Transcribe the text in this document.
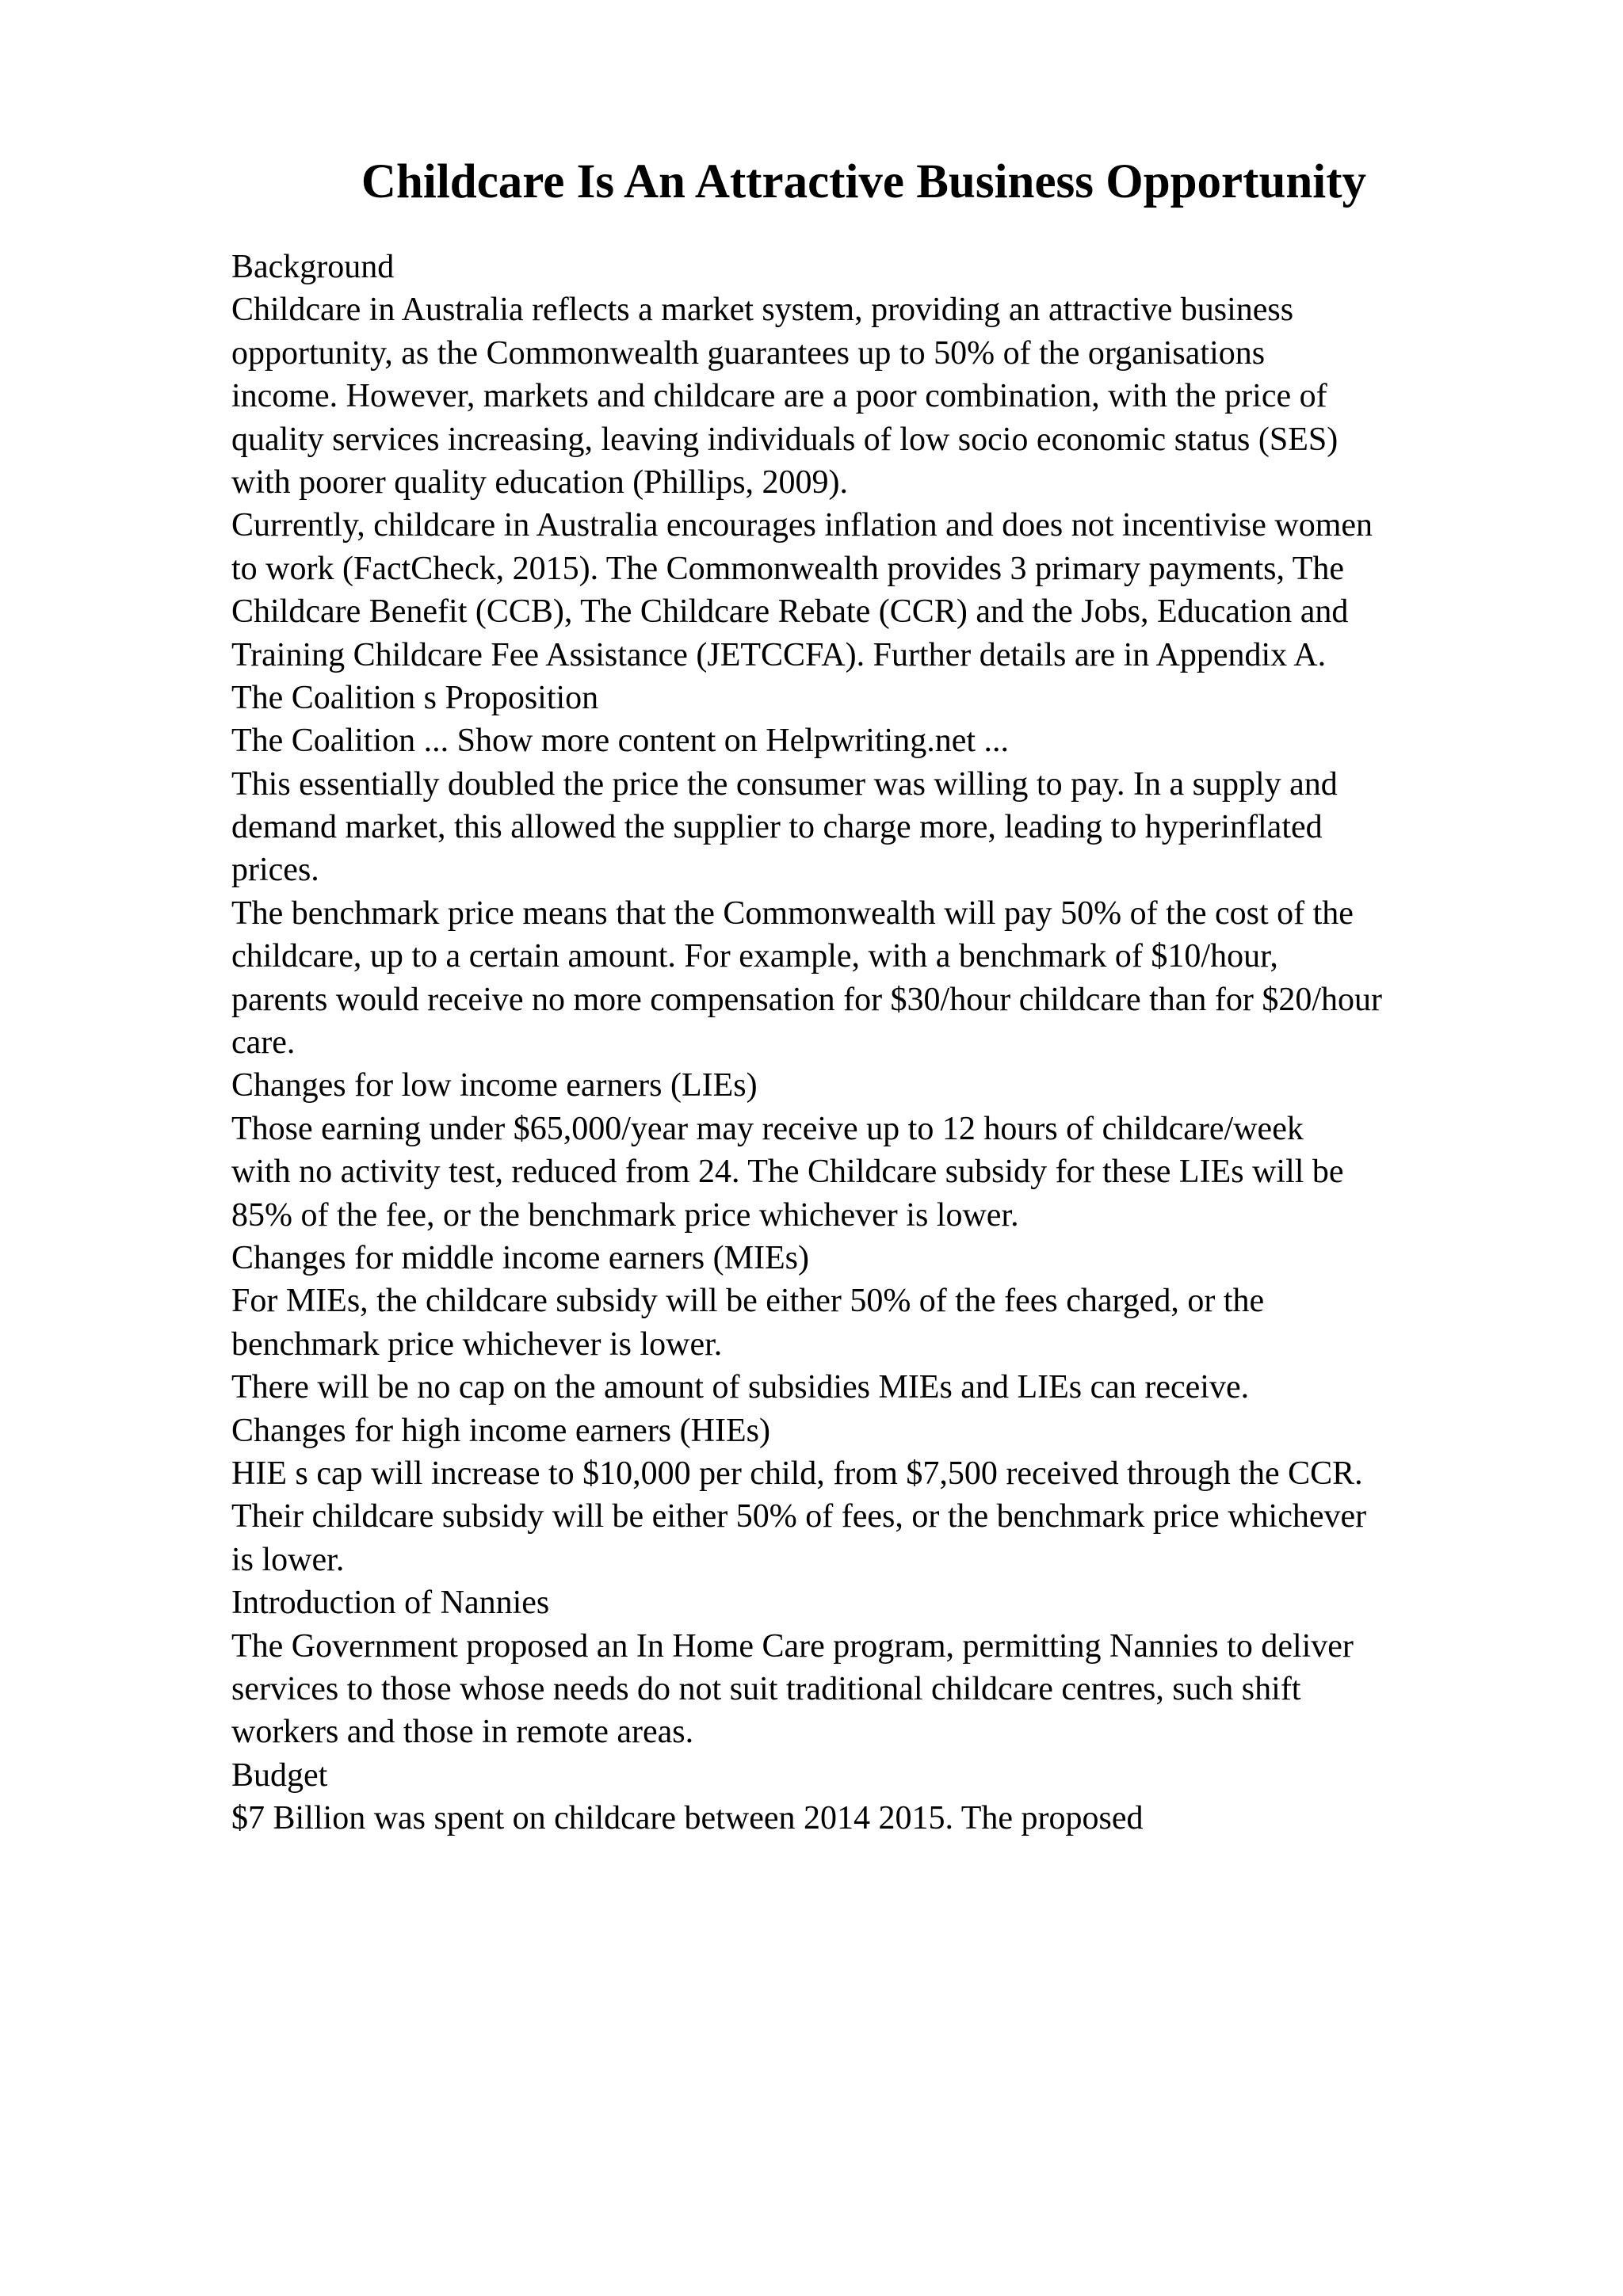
Childcare Is An Attractive Business Opportunity
Background
Childcare in Australia reflects a market system, providing an attractive business
opportunity, as the Commonwealth guarantees up to 50% of the organisations
income. However, markets and childcare are a poor combination, with the price of
quality services increasing, leaving individuals of low socio economic status (SES)
with poorer quality education (Phillips, 2009).
Currently, childcare in Australia encourages inflation and does not incentivise women
to work (FactCheck, 2015). The Commonwealth provides 3 primary payments, The
Childcare Benefit (CCB), The Childcare Rebate (CCR) and the Jobs, Education and
Training Childcare Fee Assistance (JETCCFA). Further details are in Appendix A.
The Coalition s Proposition
The Coalition ... Show more content on Helpwriting.net ...
This essentially doubled the price the consumer was willing to pay. In a supply and
demand market, this allowed the supplier to charge more, leading to hyperinflated
prices.
The benchmark price means that the Commonwealth will pay 50% of the cost of the
childcare, up to a certain amount. For example, with a benchmark of $10/hour,
parents would receive no more compensation for $30/hour childcare than for $20/hour
care.
Changes for low income earners (LIEs)
Those earning under $65,000/year may receive up to 12 hours of childcare/week
with no activity test, reduced from 24. The Childcare subsidy for these LIEs will be
85% of the fee, or the benchmark price whichever is lower.
Changes for middle income earners (MIEs)
For MIEs, the childcare subsidy will be either 50% of the fees charged, or the
benchmark price whichever is lower.
There will be no cap on the amount of subsidies MIEs and LIEs can receive.
Changes for high income earners (HIEs)
HIE s cap will increase to $10,000 per child, from $7,500 received through the CCR.
Their childcare subsidy will be either 50% of fees, or the benchmark price whichever
is lower.
Introduction of Nannies
The Government proposed an In Home Care program, permitting Nannies to deliver
services to those whose needs do not suit traditional childcare centres, such shift
workers and those in remote areas.
Budget
$7 Billion was spent on childcare between 2014 2015. The proposed
